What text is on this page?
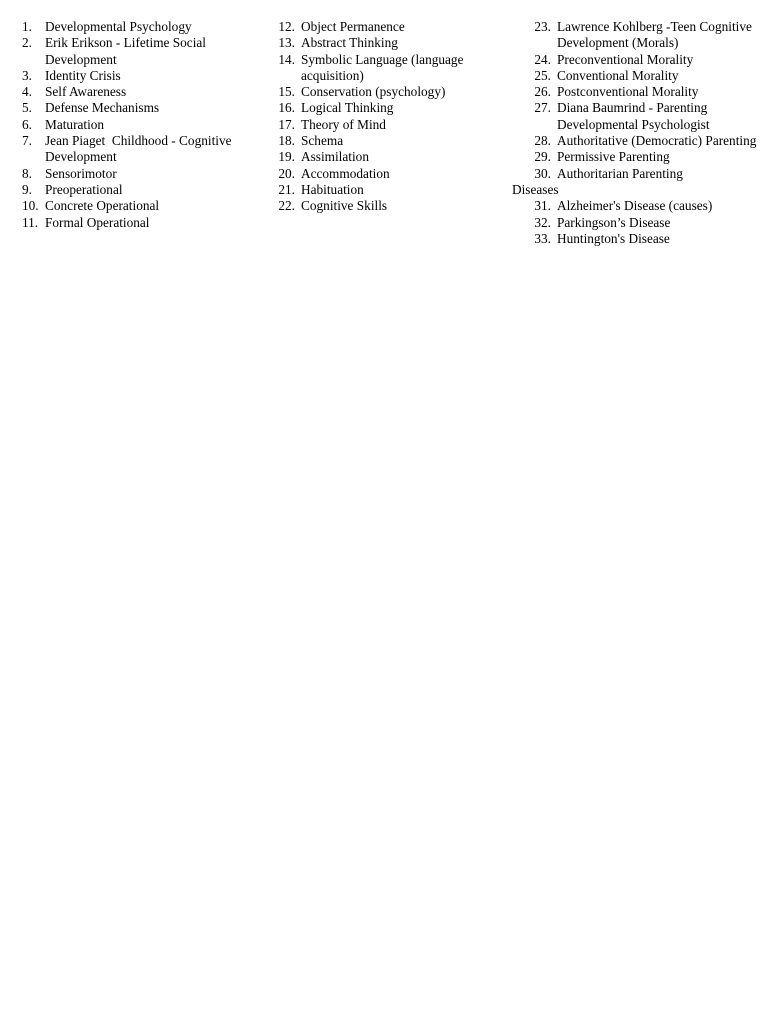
1. Developmental Psychology
2. Erik Erikson - Lifetime Social Development
3. Identity Crisis
4. Self Awareness
5. Defense Mechanisms
6. Maturation
7. Jean Piaget  Childhood - Cognitive Development
8. Sensorimotor
9. Preoperational
10. Concrete Operational
11. Formal Operational
12. Object Permanence
13. Abstract Thinking
14. Symbolic Language (language acquisition)
15. Conservation (psychology)
16. Logical Thinking
17. Theory of Mind
18. Schema
19. Assimilation
20. Accommodation
21. Habituation
22. Cognitive Skills
23. Lawrence Kohlberg -Teen Cognitive Development (Morals)
24. Preconventional Morality
25. Conventional Morality
26. Postconventional Morality
27. Diana Baumrind - Parenting Developmental Psychologist
28. Authoritative (Democratic) Parenting
29. Permissive Parenting
30. Authoritarian Parenting
Diseases
31. Alzheimer's Disease (causes)
32. Parkingson’s Disease
33. Huntington's Disease
